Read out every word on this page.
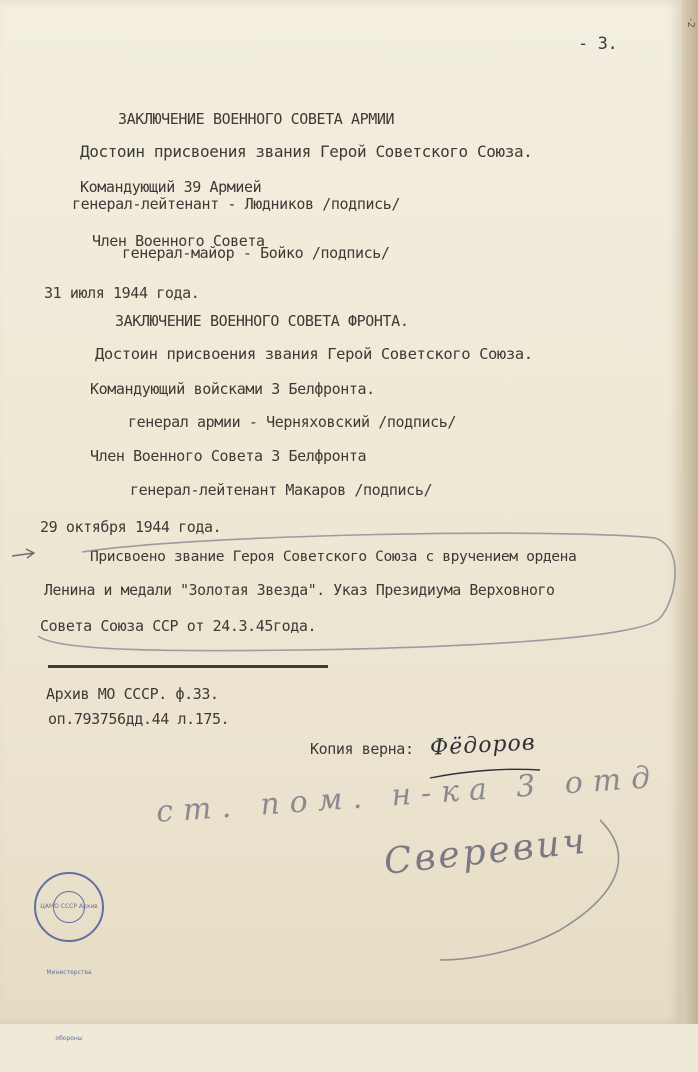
- 3.
ЗАКЛЮЧЕНИЕ ВОЕННОГО СОВЕТА АРМИИ
Достоин присвоения звания Герой Советского Союза.
Командующий 39 Армией
генерал-лейтенант - Людников /подпись/
Член Военного Совета
генерал-майор - Бойко /подпись/
31 июля 1944 года.
ЗАКЛЮЧЕНИЕ ВОЕННОГО СОВЕТА ФРОНТА.
Достоин присвоения звания Герой Советского Союза.
Командующий войсками 3 Белфронта.
генерал армии - Черняховский /подпись/
Член Военного Совета 3 Белфронта
генерал-лейтенант Макаров /подпись/
29 октября 1944 года.
Присвоено звание Героя Советского Союза с вручением ордена
Ленина и медали "Золотая Звезда". Указ Президиума Верховного
Совета Союза ССР от 24.3.45года.
Архив МО СССР. ф.33.
оп.793756дд.44 л.175.
Копия верна: Фёдоров
ст. пом. н-ка 3 отд
Сверевич
ЦАМО СССР Архив Министерства обороны
-2
